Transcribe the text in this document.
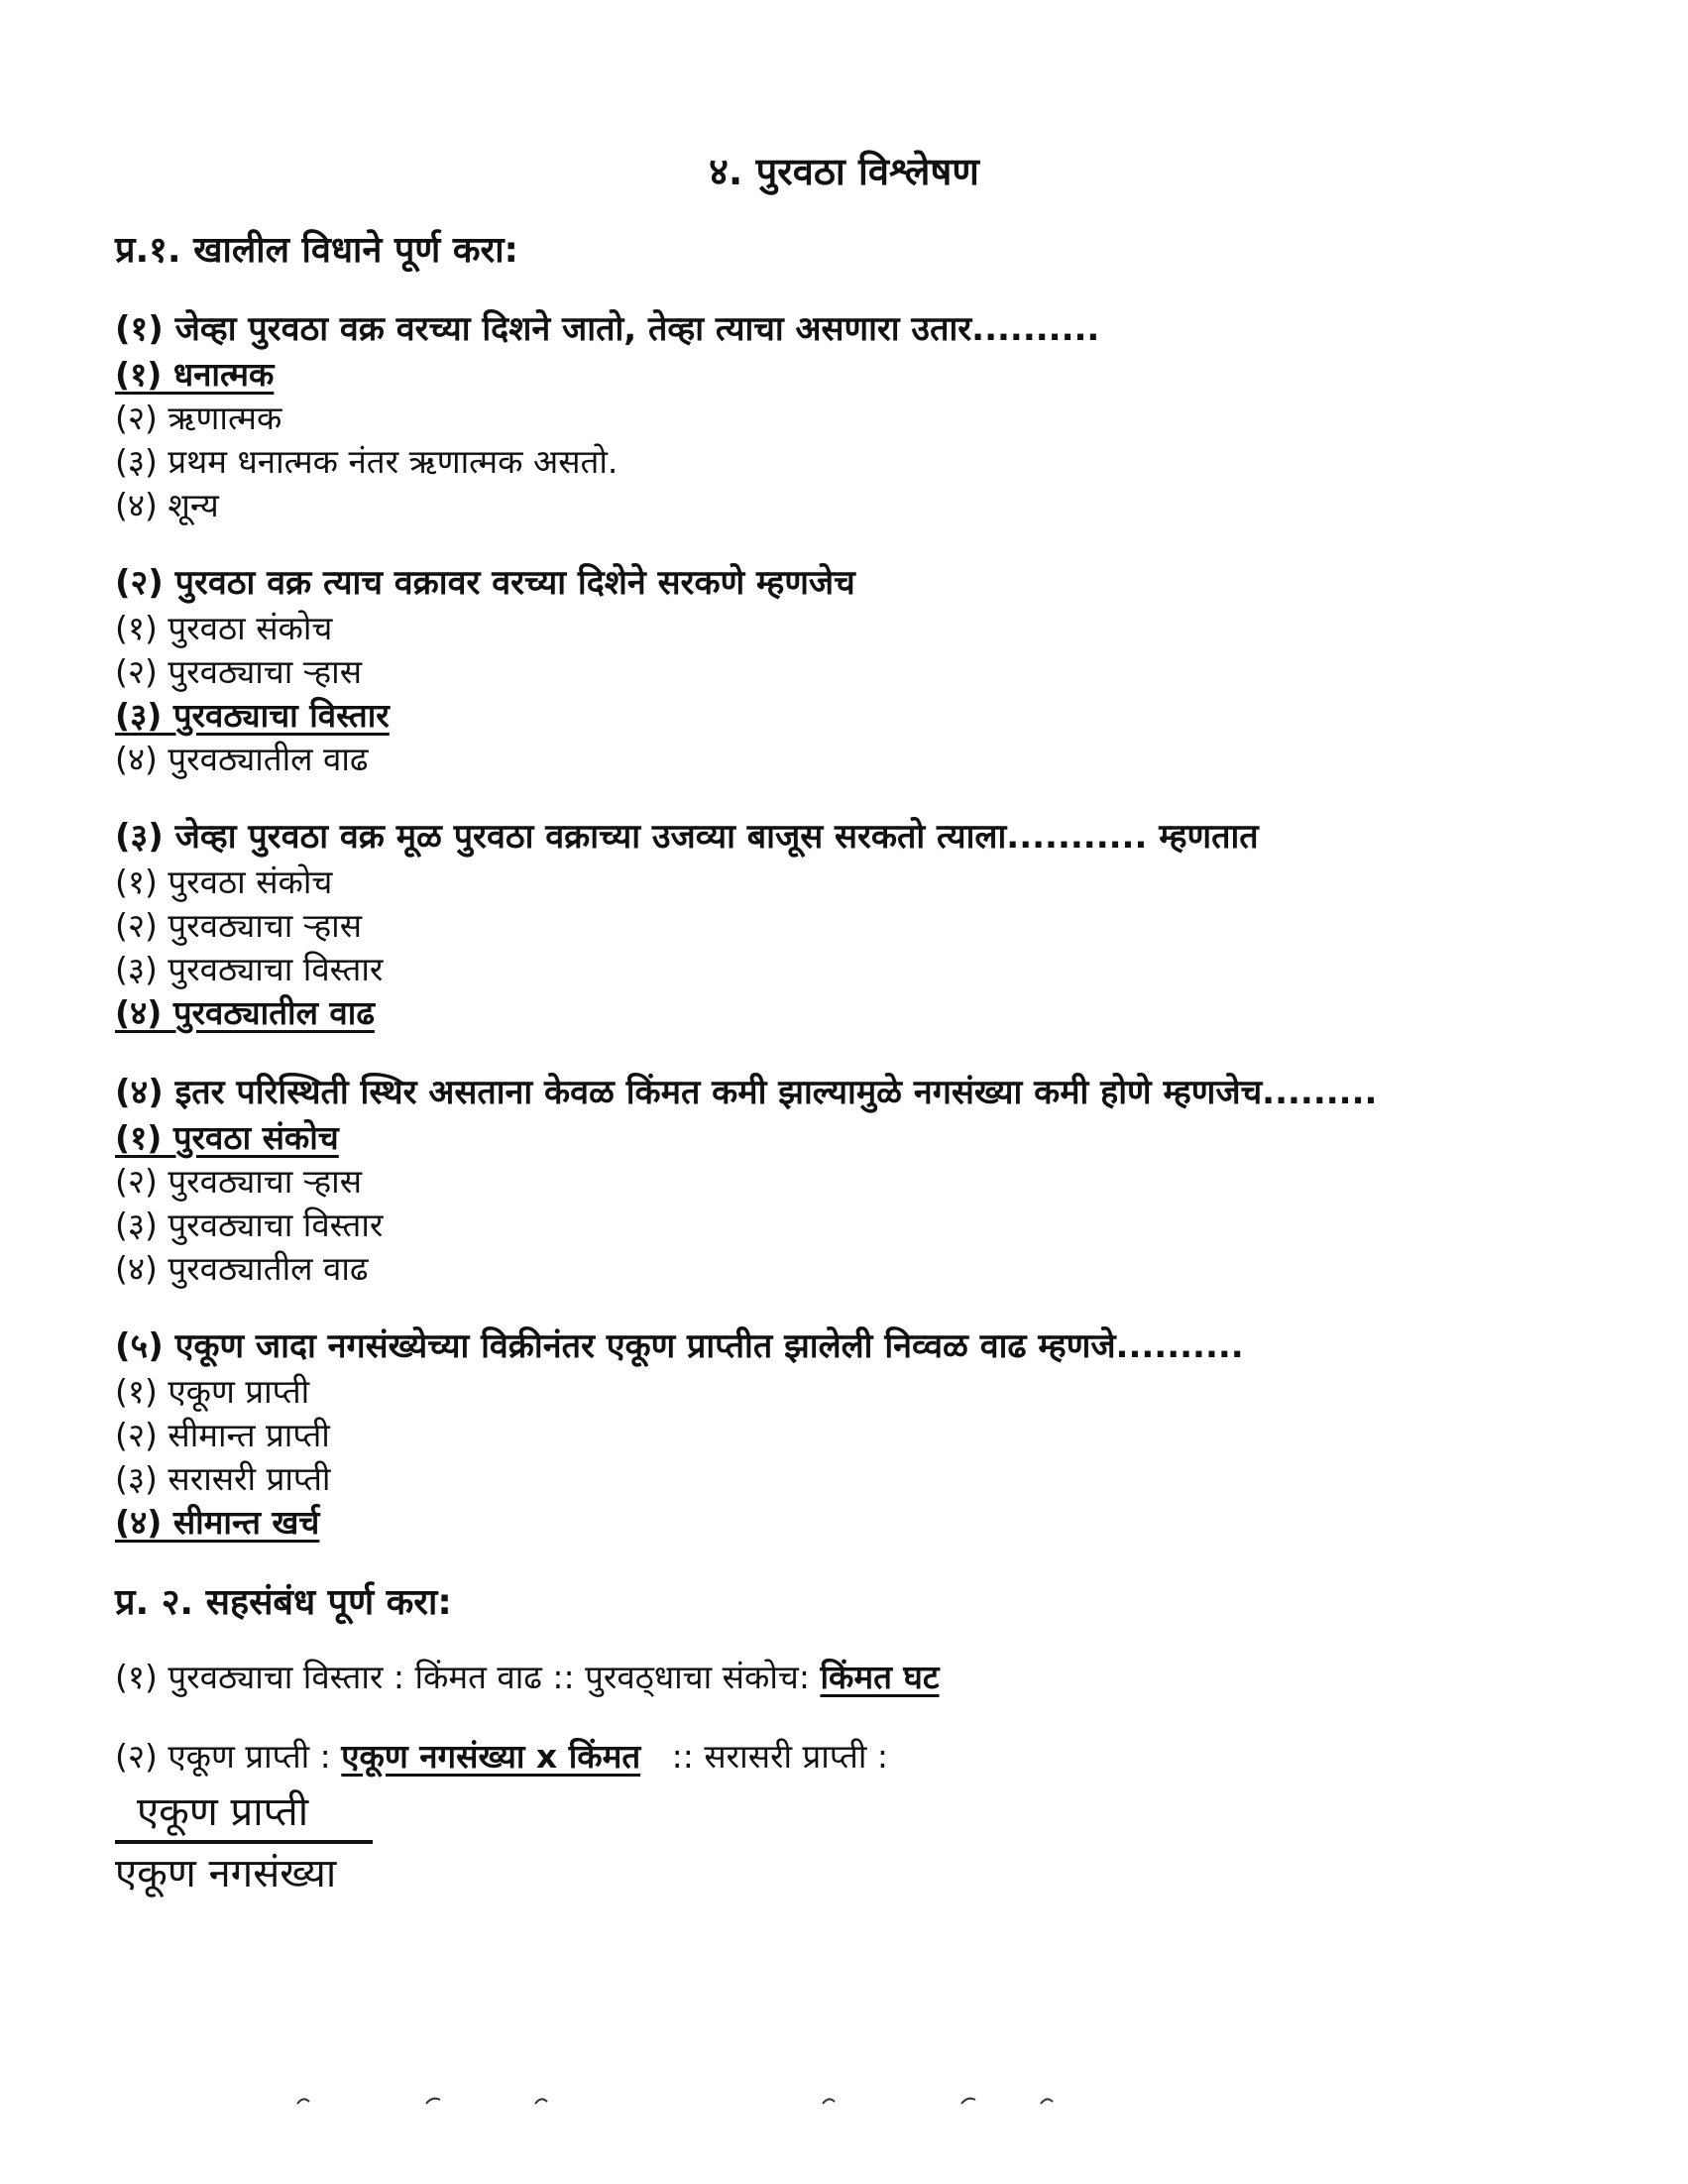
४. पुरवठा विश्लेषण
प्र.१. खालील विधाने पूर्ण करा:

(१) जेव्हा पुरवठा वक्र वरच्या दिशने जातो, तेव्हा त्याचा असणारा उतार..........

(१) धनात्मक

(२) ऋणात्मक

(३) प्रथम धनात्मक नंतर ऋणात्मक असतो.

(४) शून्य

(२) पुरवठा वक्र त्याच वक्रावर वरच्या दिशेने सरकणे म्हणजेच

(१) पुरवठा संकोच

(२) पुरवठ्याचा ऱ्हास

(३) पुरवठ्याचा विस्तार

(४) पुरवठ्यातील वाढ

(३) जेव्हा पुरवठा वक्र मूळ पुरवठा वक्राच्या उजव्या बाजूस सरकतो त्याला........... म्हणतात

(१) पुरवठा संकोच

(२) पुरवठ्याचा ऱ्हास

(३) पुरवठ्याचा विस्तार

(४) पुरवठ्यातील वाढ

(४) इतर परिस्थिती स्थिर असताना केवळ किंमत कमी झाल्यामुळे नगसंख्या कमी होणे म्हणजेच.........

(१) पुरवठा संकोच

(२) पुरवठ्याचा ऱ्हास

(३) पुरवठ्याचा विस्तार

(४) पुरवठ्यातील वाढ

(५) एकूण जादा नगसंख्येच्या विक्रीनंतर एकूण प्राप्तीत झालेली निव्वळ वाढ म्हणजे..........

(१) एकूण प्राप्ती

(२) सीमान्त प्राप्ती

(३) सरासरी प्राप्ती

(४) सीमान्त खर्च

प्र. २. सहसंबंध पूर्ण करा:

(१) पुरवठ्याचा विस्तार : किंमत वाढ :: पुरवठ्धाचा संकोच: किंमत घट

(२) एकूण प्राप्ती : एकूण नगसंख्या x किंमत   :: सरासरी प्राप्ती :

एकूण प्राप्ती
एकूण नगसंख्या
